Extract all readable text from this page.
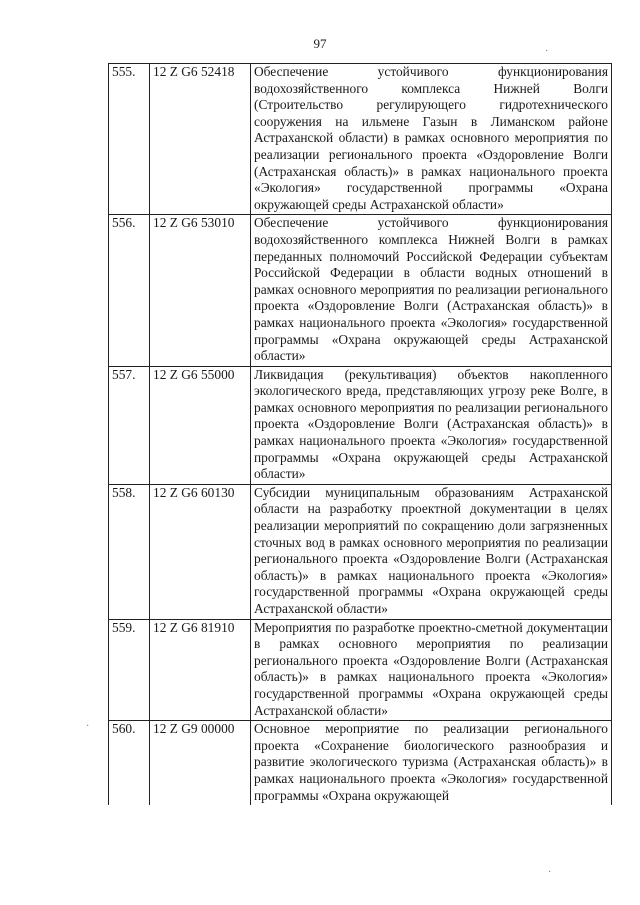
97
555.	12 Z G6 52418	Обеспечение устойчивого функционирования водохозяйственного комплекса Нижней Волги (Строительство регулирующего гидротехнического сооружения на ильмене Газын в Лиманском районе Астраханской области) в рамках основного мероприятия по реализации регионального проекта «Оздоровление Волги (Астраханская область)» в рамках национального проекта «Экология» государственной программы «Охрана окружающей среды Астраханской области»
556.	12 Z G6 53010	Обеспечение устойчивого функционирования водохозяйственного комплекса Нижней Волги в рамках переданных полномочий Российской Федерации субъектам Российской Федерации в области водных отношений в рамках основного мероприятия по реализации регионального проекта «Оздоровление Волги (Астраханская область)» в рамках национального проекта «Экология» государственной программы «Охрана окружающей среды Астраханской области»
557.	12 Z G6 55000	Ликвидация (рекультивация) объектов накопленного экологического вреда, представляющих угрозу реке Волге, в рамках основного мероприятия по реализации регионального проекта «Оздоровление Волги (Астраханская область)» в рамках национального проекта «Экология» государственной программы «Охрана окружающей среды Астраханской области»
558.	12 Z G6 60130	Субсидии муниципальным образованиям Астраханской области на разработку проектной документации в целях реализации мероприятий по сокращению доли загрязненных сточных вод в рамках основного мероприятия по реализации регионального проекта «Оздоровление Волги (Астраханская область)» в рамках национального проекта «Экология» государственной программы «Охрана окружающей среды Астраханской области»
559.	12 Z G6 81910	Мероприятия по разработке проектно-сметной документации в рамках основного мероприятия по реализации регионального проекта «Оздоровление Волги (Астраханская область)» в рамках национального проекта «Экология» государственной программы «Охрана окружающей среды Астраханской области»
560.	12 Z G9 00000	Основное мероприятие по реализации регионального проекта «Сохранение биологического разнообразия и развитие экологического туризма (Астраханская область)» в рамках национального проекта «Экология» государственной программы «Охрана окружающей
·
·
·
